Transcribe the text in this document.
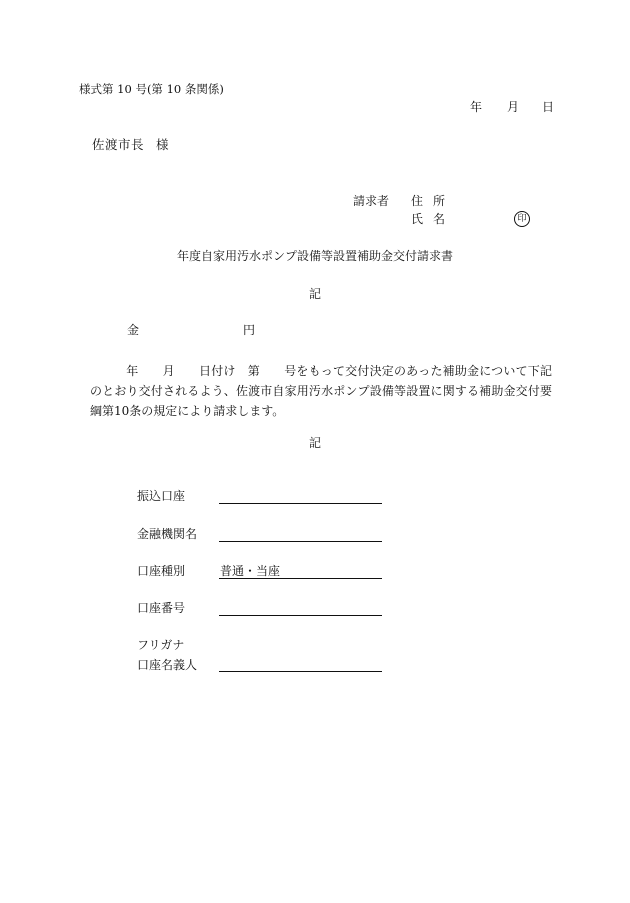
様式第 10 号(第 10 条関係)
年 月 日
佐渡市長 様
請求者 住 所
氏 名	印
年度自家用汚水ポンプ設備等設置補助金交付請求書
記
金	円
年 月 日付け　第 号をもって交付決定のあった補助金について下記のとおり交付されるよう、佐渡市自家用汚水ポンプ設備等設置に関する補助金交付要綱第10条の規定により請求します。
記
振込口座
金融機関名
口座種別	普通・当座
口座番号
フリガナ
口座名義人
